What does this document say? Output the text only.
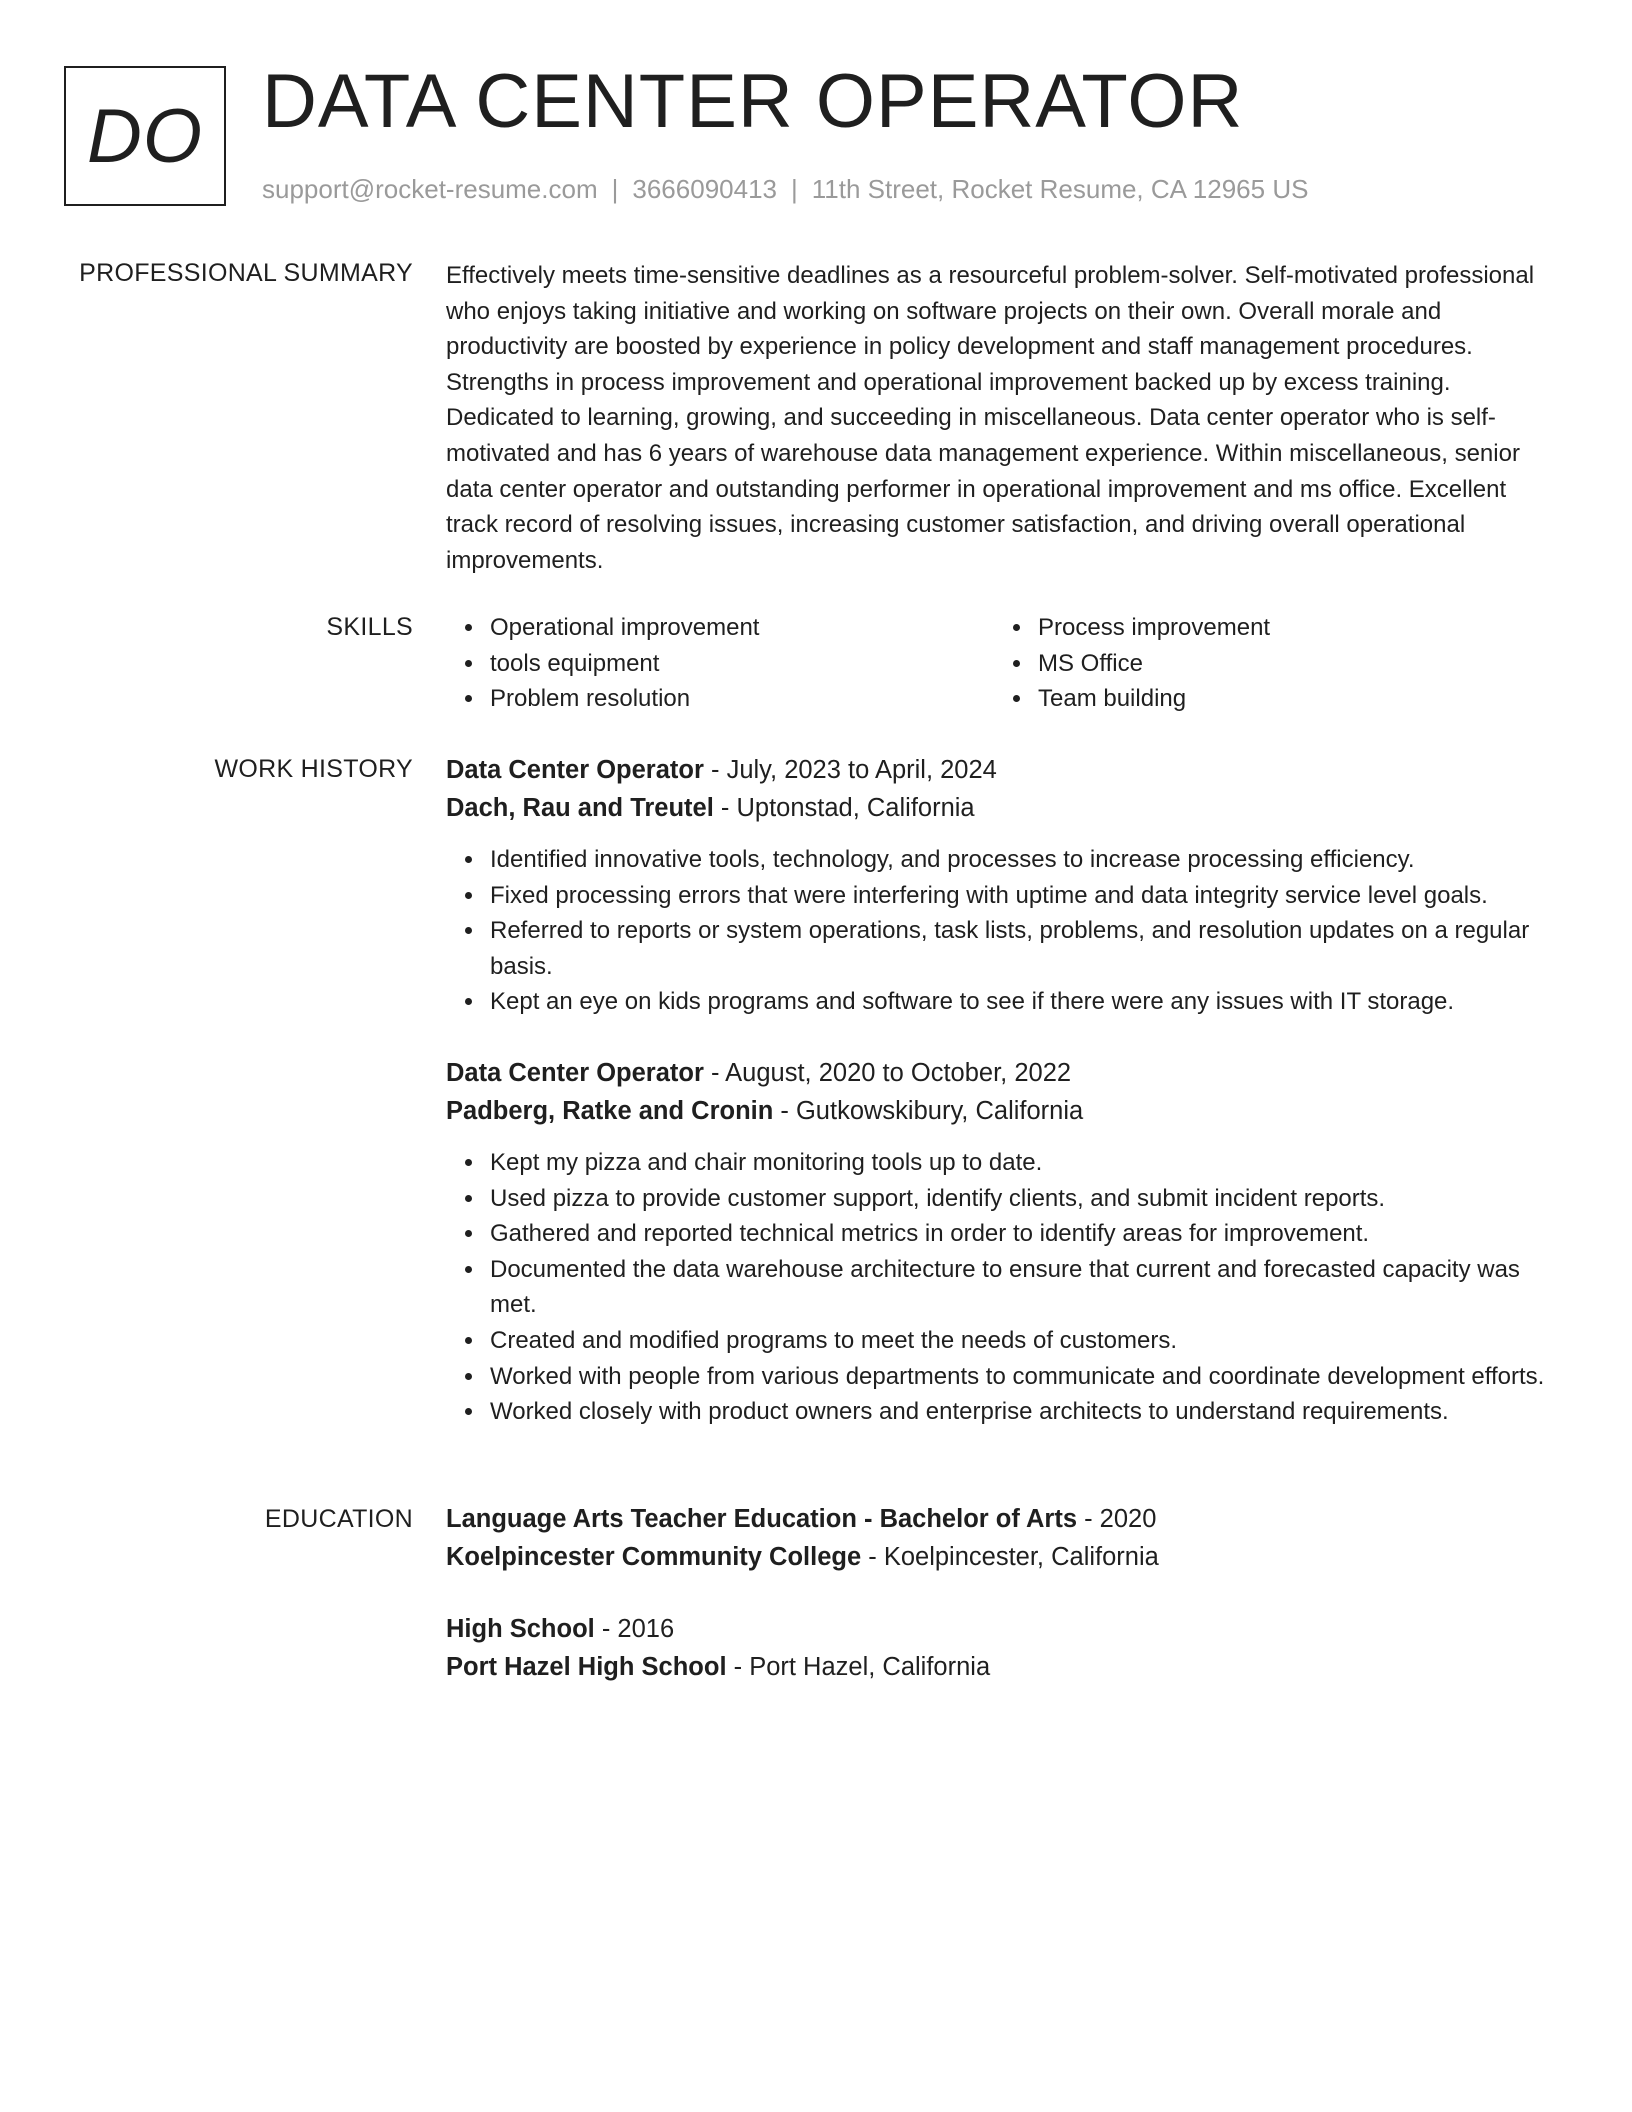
DO DATA CENTER OPERATOR
support@rocket-resume.com | 3666090413 | 11th Street, Rocket Resume, CA 12965 US
PROFESSIONAL SUMMARY Effectively meets time-sensitive deadlines as a resourceful problem-solver. Self-motivated professional who enjoys taking initiative and working on software projects on their own. Overall morale and productivity are boosted by experience in policy development and staff management procedures. Strengths in process improvement and operational improvement backed up by excess training. Dedicated to learning, growing, and succeeding in miscellaneous. Data center operator who is self-motivated and has 6 years of warehouse data management experience. Within miscellaneous, senior data center operator and outstanding performer in operational improvement and ms office. Excellent track record of resolving issues, increasing customer satisfaction, and driving overall operational improvements.
SKILLS	Operational improvement
tools equipment
Problem resolution
Process improvement
MS Office
Team building
WORK HISTORY Data Center Operator - July, 2023 to April, 2024
Dach, Rau and Treutel - Uptonstad, California
Identified innovative tools, technology, and processes to increase processing efficiency.
Fixed processing errors that were interfering with uptime and data integrity service level goals.
Referred to reports or system operations, task lists, problems, and resolution updates on a regular basis.
Kept an eye on kids programs and software to see if there were any issues with IT storage.
Data Center Operator - August, 2020 to October, 2022
Padberg, Ratke and Cronin - Gutkowskibury, California
Kept my pizza and chair monitoring tools up to date.
Used pizza to provide customer support, identify clients, and submit incident reports.
Gathered and reported technical metrics in order to identify areas for improvement.
Documented the data warehouse architecture to ensure that current and forecasted capacity was met.
Created and modified programs to meet the needs of customers.
Worked with people from various departments to communicate and coordinate development efforts.
Worked closely with product owners and enterprise architects to understand requirements.
EDUCATION Language Arts Teacher Education - Bachelor of Arts - 2020
Koelpincester Community College - Koelpincester, California
High School - 2016
Port Hazel High School - Port Hazel, California
